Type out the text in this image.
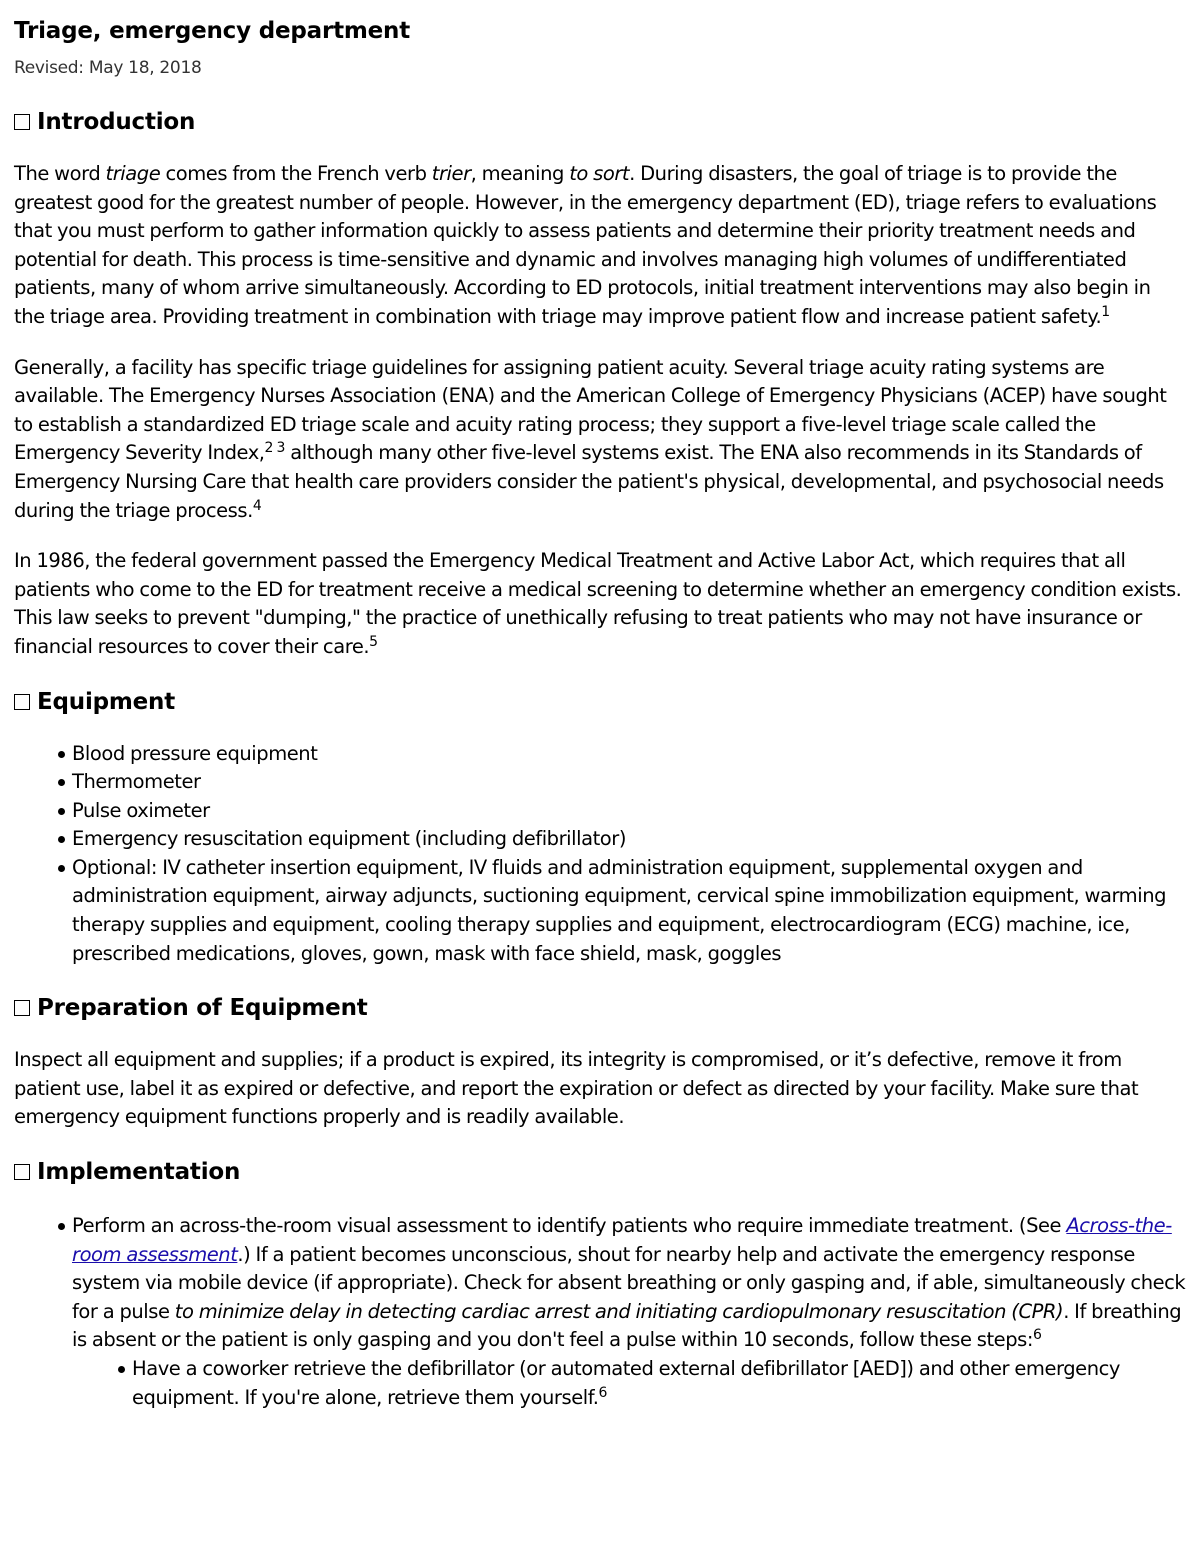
Triage, emergency department
Revised: May 18, 2018
Introduction

The word triage comes from the French verb trier, meaning to sort. During disasters, the goal of triage is to provide the greatest good for the greatest number of people. However, in the emergency department (ED), triage refers to evaluations that you must perform to gather information quickly to assess patients and determine their priority treatment needs and potential for death. This process is time-sensitive and dynamic and involves managing high volumes of undifferentiated patients, many of whom arrive simultaneously. According to ED protocols, initial treatment interventions may also begin in the triage area. Providing treatment in combination with triage may improve patient flow and increase patient safety.$^1$

Generally, a facility has specific triage guidelines for assigning patient acuity. Several triage acuity rating systems are available. The Emergency Nurses Association (ENA) and the American College of Emergency Physicians (ACEP) have sought to establish a standardized ED triage scale and acuity rating process; they support a five-level triage scale called the Emergency Severity Index,$^{2 3}$ although many other five-level systems exist. The ENA also recommends in its Standards of Emergency Nursing Care that health care providers consider the patient's physical, developmental, and psychosocial needs during the triage process.$^4$

In 1986, the federal government passed the Emergency Medical Treatment and Active Labor Act, which requires that all patients who come to the ED for treatment receive a medical screening to determine whether an emergency condition exists. This law seeks to prevent "dumping," the practice of unethically refusing to treat patients who may not have insurance or financial resources to cover their care.$^5$

Equipment
Blood pressure equipment
Thermometer
Pulse oximeter
Emergency resuscitation equipment (including defibrillator)
Optional: IV catheter insertion equipment, IV fluids and administration equipment, supplemental oxygen and administration equipment, airway adjuncts, suctioning equipment, cervical spine immobilization equipment, warming therapy supplies and equipment, cooling therapy supplies and equipment, electrocardiogram (ECG) machine, ice, prescribed medications, gloves, gown, mask with face shield, mask, goggles
Preparation of Equipment

Inspect all equipment and supplies; if a product is expired, its integrity is compromised, or it’s defective, remove it from patient use, label it as expired or defective, and report the expiration or defect as directed by your facility. Make sure that emergency equipment functions properly and is readily available.

Implementation
Perform an across-the-room visual assessment to identify patients who require immediate treatment. (See Across-the-room assessment.) If a patient becomes unconscious, shout for nearby help and activate the emergency response system via mobile device (if appropriate). Check for absent breathing or only gasping and, if able, simultaneously check for a pulse to minimize delay in detecting cardiac arrest and initiating cardiopulmonary resuscitation (CPR). If breathing is absent or the patient is only gasping and you don't feel a pulse within 10 seconds, follow these steps:$^6$
Have a coworker retrieve the defibrillator (or automated external defibrillator [AED]) and other emergency equipment. If you're alone, retrieve them yourself.$^6$
